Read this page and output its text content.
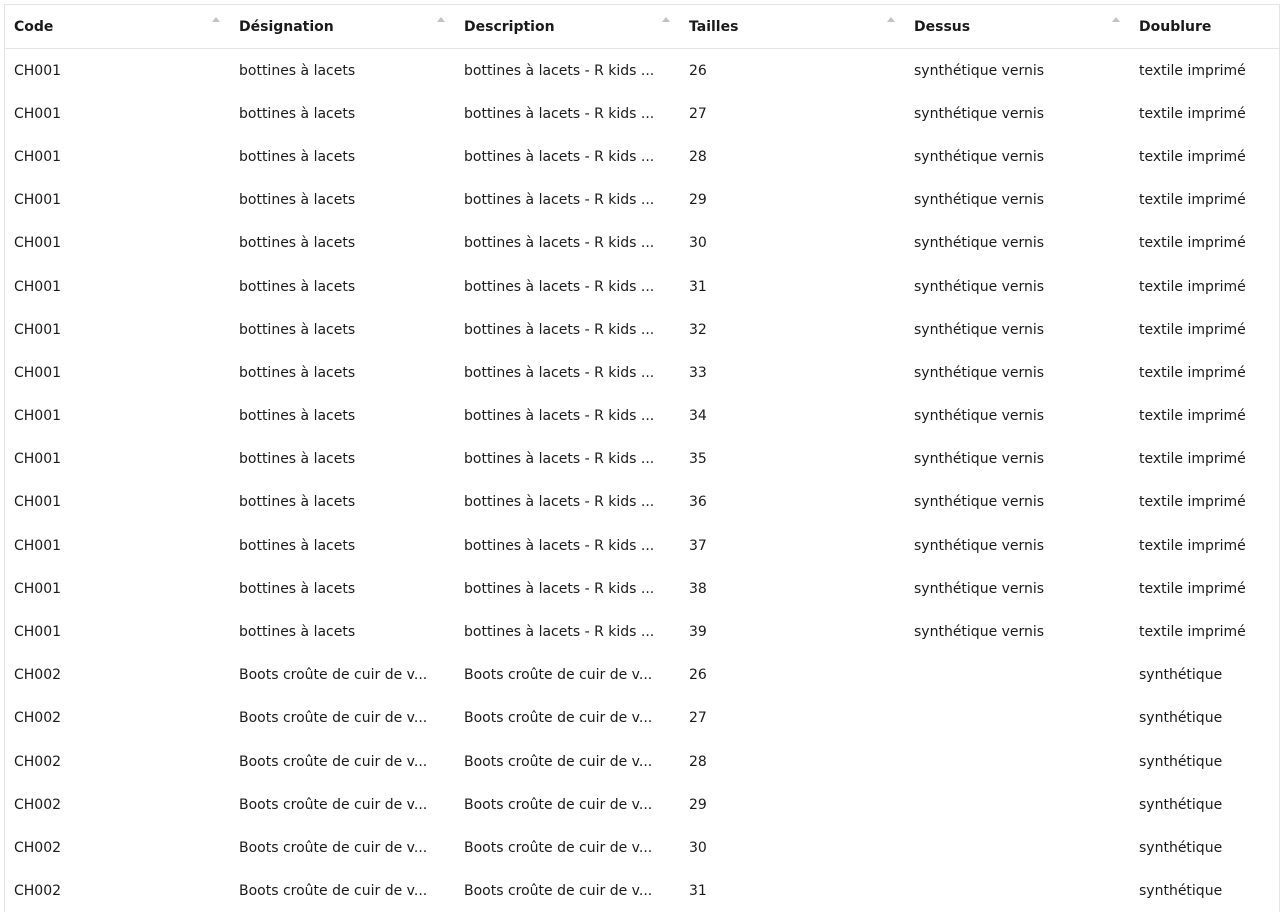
Code	Désignation	Description	Tailles	Dessus	Doublure
CH001	bottines à lacets	bottines à lacets - R kids ...	26	synthétique vernis	textile imprimé
CH001	bottines à lacets	bottines à lacets - R kids ...	27	synthétique vernis	textile imprimé
CH001	bottines à lacets	bottines à lacets - R kids ...	28	synthétique vernis	textile imprimé
CH001	bottines à lacets	bottines à lacets - R kids ...	29	synthétique vernis	textile imprimé
CH001	bottines à lacets	bottines à lacets - R kids ...	30	synthétique vernis	textile imprimé
CH001	bottines à lacets	bottines à lacets - R kids ...	31	synthétique vernis	textile imprimé
CH001	bottines à lacets	bottines à lacets - R kids ...	32	synthétique vernis	textile imprimé
CH001	bottines à lacets	bottines à lacets - R kids ...	33	synthétique vernis	textile imprimé
CH001	bottines à lacets	bottines à lacets - R kids ...	34	synthétique vernis	textile imprimé
CH001	bottines à lacets	bottines à lacets - R kids ...	35	synthétique vernis	textile imprimé
CH001	bottines à lacets	bottines à lacets - R kids ...	36	synthétique vernis	textile imprimé
CH001	bottines à lacets	bottines à lacets - R kids ...	37	synthétique vernis	textile imprimé
CH001	bottines à lacets	bottines à lacets - R kids ...	38	synthétique vernis	textile imprimé
CH001	bottines à lacets	bottines à lacets - R kids ...	39	synthétique vernis	textile imprimé
CH002	Boots croûte de cuir de v...	Boots croûte de cuir de v...	26		synthétique
CH002	Boots croûte de cuir de v...	Boots croûte de cuir de v...	27		synthétique
CH002	Boots croûte de cuir de v...	Boots croûte de cuir de v...	28		synthétique
CH002	Boots croûte de cuir de v...	Boots croûte de cuir de v...	29		synthétique
CH002	Boots croûte de cuir de v...	Boots croûte de cuir de v...	30		synthétique
CH002	Boots croûte de cuir de v...	Boots croûte de cuir de v...	31		synthétique
